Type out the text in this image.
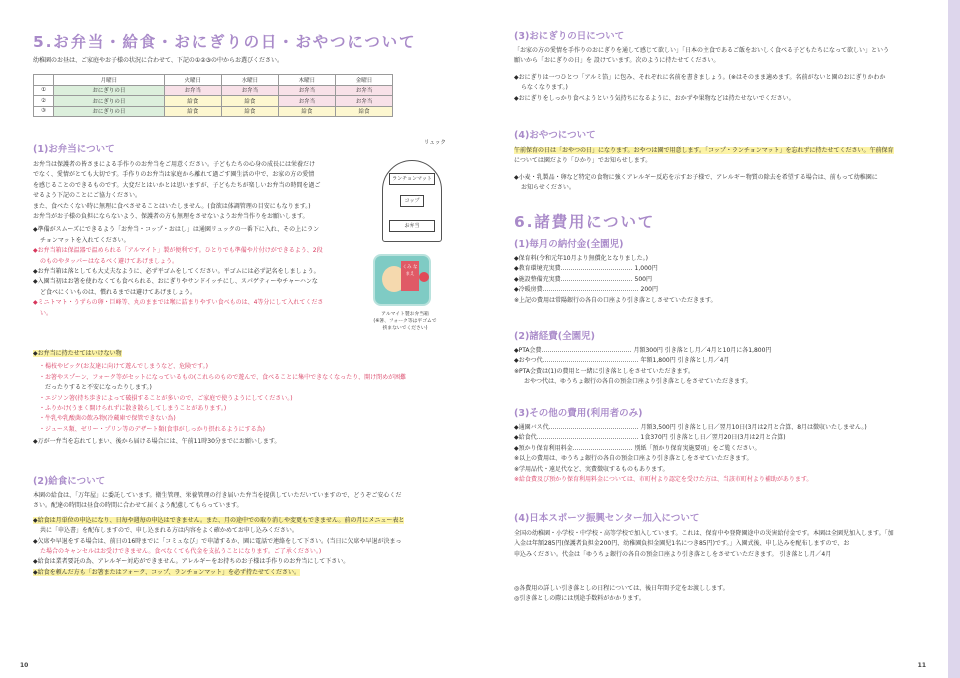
5.お弁当・給食・おにぎりの日・おやつについて

幼稚園のお昼は、ご家庭やお子様の状況に合わせて、下記の①②③の中からお選びください。

	月曜日	火曜日	水曜日	木曜日	金曜日
①	おにぎりの日	お弁当	お弁当	お弁当	お弁当
②	おにぎりの日	給食	給食	お弁当	お弁当
③	おにぎりの日	給食	給食	給食	給食
(1)お弁当について

お弁当は保護者の皆さまによる手作りのお弁当をご用意ください。子どもたちの心身の成長には栄養だけ

でなく、愛情がとても大切です。手作りのお弁当は家庭から離れて過ごす園生活の中で、お家の方の愛情

を感じることのできるものです。大変だとはいかとは思いますが、子どもたちが楽しいお弁当の時間を過ご

せるよう下記のことにご協力ください。

また、食べたくない時に無理に食べさせることはいたしません。(食欲は体調管理の目安にもなります。)

お弁当がお子様の負担にならないよう、保護者の方も無理をさせないようお弁当作りをお願いします。

◆準備がスムーズにできるよう「お弁当・コップ・おはし」は通園リュックの一番下に入れ、その上にラン

チョンマットを入れてください。

◆お弁当箱は保温器で温められる「アルマイト」製が便利です。ひとりでも準備や片付けができるよう、2段

のものやタッパーはなるべく避けてあげましょう。

◆お弁当箱は落としても大丈夫なように、必ず平ゴムをしてください。平ゴムには必ず記名をしましょう。

◆入園当初はお箸を使わなくても食べられる、おにぎりやサンドイッチにし、スパゲティーやチャーハンな

ど食べにくいものは、慣れるまでは避けてあげましょう。

◆ミニトマト・うずらの卵・巨峰等、丸のままでは喉に詰まりやすい食べものは、4等分にして入れてくださ

い。

◆お弁当に持たせてはいけない物

・楊枝やピック(お友達に向けて遊んでしまうなど、危険です。)

・お箸やスプーン、フォーク等がセットになっているもの(これらのもので遊んで、食べることに集中できなくなったり、開け閉めが困難

だったりすると不安になったりします。)

・エジソン箸(持ち歩きによって破損することが多いので、ご家庭で使うようにしてください。)

・ふりかけ(うまく開けられずに散き散らしてしまうことがあります。)

・牛乳や乳酸菌の飲み物(冷蔵庫で保管できない為)

・ジュース類、ゼリー・プリン等のデザート類(食事がしっかり摂れるようにする為)

◆万が一弁当を忘れてしまい、後から届ける場合には、午前11時30分までにお願いします。

リュック
ランチョンマット
コップ
お弁当
くみ なまえ
アルマイト製お弁当箱
(※箸、フォーク等は平ゴムで
挟まないでください)
(2)給食について

本園の給食は、「万年屋」に委託しています。衛生管理、栄養管理の行き届いた弁当を提供していただいていますので、どうぞご安心くだ

さい。配達の時間は昼食の時間に合わせて届くよう配慮してもらっています。

◆給食は月単位の申込になり、日毎や週毎の申込はできません。また、月の途中での取り消しや変更もできません。前の月にメニュー表と

共に「申込書」を配布しますので、申し込まれる方は内容をよく確かめてお申し込みください。

◆欠席や早退をする場合は、前日の16時までに「コミュなび」で申請するか、園に電話で連絡をして下さい。(当日に欠席や早退が決まっ

た場合のキャンセルはお受けできません。食べなくても代金を支払うことになります。ご了承ください。)

◆給食は業者要託の為、アレルギー対応ができません。アレルギーをお持ちのお子様は手作りのお弁当にして下さい。

◆給食を頼んだ方も「お箸またはフォーク、コップ、ランチョンマット」を必ず持たせてください。

10
(3)おにぎりの日について

「お家の方の愛情を手作りのおにぎりを通して感じて欲しい」「日本の主食であるご飯をおいしく食べる子どもたちになって欲しい」という

願いから「おにぎりの日」を 設けています。次のように持たせてください。

◆おにぎりは一つひとつ「アルミ箔」に包み、それぞれに名前を書きましょう。(※はそのまま適めます。名前がないと園のおにぎりかわか

らなくなります。)

◆おにぎりをしっかり食べようという気持ちになるように、おかずや果物などは持たせないでください。

(4)おやつについて

午前保育の日は「おやつの日」になります。おやつは園で用意します。「コップ・ランチョンマット」を忘れずに持たせてください。午前保育

については園だより「ひかり」でお知らせします。

◆小麦・乳製品・卵など特定の食物に強くアレルギー反応を示すお子様で、アレルギー物質の除去を希望する場合は、前もって幼稚園に

お知らせください。

6.諸費用について
(1)毎月の納付金(全園児)

◆保育料(令和元年10月より無償化となりました。)

◆教育環境充実費……………………………… 1,000円

◆施設整備充実費……………………………… 500円

◆冷暖房費………………………………………… 200円

※上記の費用は常陽銀行の各自の口座より引き落としさせていただきます。

(2)諸経費(全園児)

◆PTA会費……………………………………… 月額300円 引き落とし月／4月と10月に各1,800円

◆おやつ代………………………………………… 年額1,800円 引き落とし月／4月

※PTA会費は(1)の費用と一緒に引き落としをさせていただきます。

おやつ代は、ゆうちょ銀行の各自の預金口座より引き落としをさせていただきます。

(3)その他の費用(利用者のみ)

◆通園バス代……………………………………… 月額3,500円 引き落とし日／翌月10日(3月は2月と合算、8月は徴収いたしません。)

◆給食代…………………………………………… 1食370円 引き落とし日／翌月20日(3月は2月と合算)

◆預かり保育利用料金………………………… 別紙「預かり保育実施要項」をご覧ください。

※以上の費用は、ゆうちょ銀行の各自の預金口座より引き落としをさせていただきます。

※学用品代・遠足代など、実費徴収するものもあります。

※給食費及び預かり保育利用料金については、市町村より認定を受けた方は、当該市町村より補助があります。

(4)日本スポーツ振興センター加入について

全国の幼稚園・小学校・中学校・高等学校で加入しています。これは、保育中や登降園途中の災害給付金です。本園は全園児加入します。「加

入金は年額285円(保護者負担金200円、幼稚園負担金園児1名につき85円)です。」入園式後、申し込みを配布しますので、お

申込みください。代金は「ゆうちょ銀行の各自の預金口座より引き落としをさせていただきます。 引き落とし月／4月

◎各費用の詳しい引き落としの日程については、後日年間予定をお渡しします。

◎引き落としの際には別途手数料がかかります。

11
